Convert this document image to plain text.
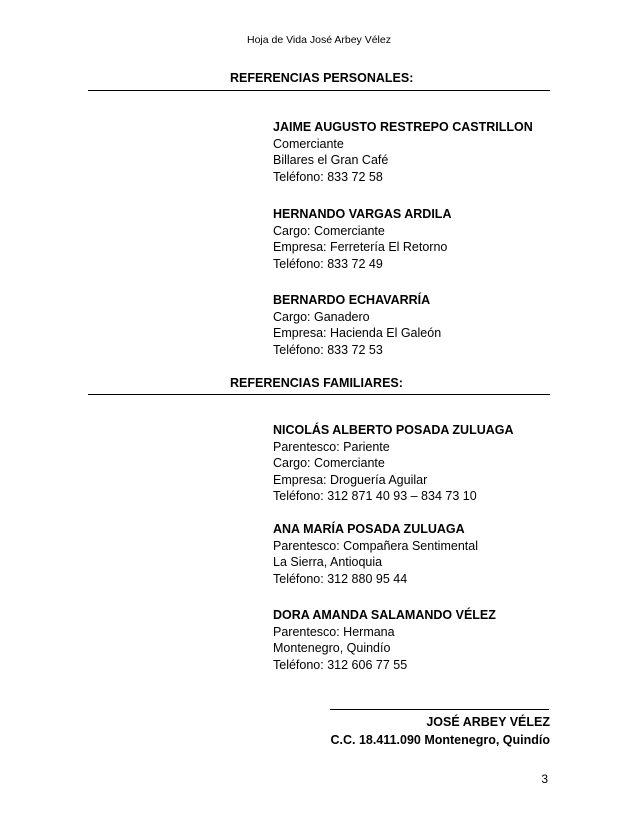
Hoja de Vida José Arbey Vélez
REFERENCIAS PERSONALES:
JAIME AUGUSTO RESTREPO CASTRILLON
Comerciante
Billares el Gran Café
Teléfono: 833 72 58
HERNANDO VARGAS ARDILA
Cargo: Comerciante
Empresa: Ferretería El Retorno
Teléfono: 833 72 49
BERNARDO ECHAVARRÍA
Cargo: Ganadero
Empresa: Hacienda El Galeón
Teléfono: 833 72 53
REFERENCIAS FAMILIARES:
NICOLÁS ALBERTO POSADA ZULUAGA
Parentesco: Pariente
Cargo: Comerciante
Empresa: Droguería Aguilar
Teléfono: 312 871 40 93 – 834 73 10
ANA MARÍA POSADA ZULUAGA
Parentesco: Compañera Sentimental
La Sierra, Antioquia
Teléfono: 312 880 95 44
DORA AMANDA SALAMANDO VÉLEZ
Parentesco: Hermana
Montenegro, Quindío
Teléfono: 312 606 77 55
JOSÉ ARBEY VÉLEZ
C.C. 18.411.090 Montenegro, Quindío
3
